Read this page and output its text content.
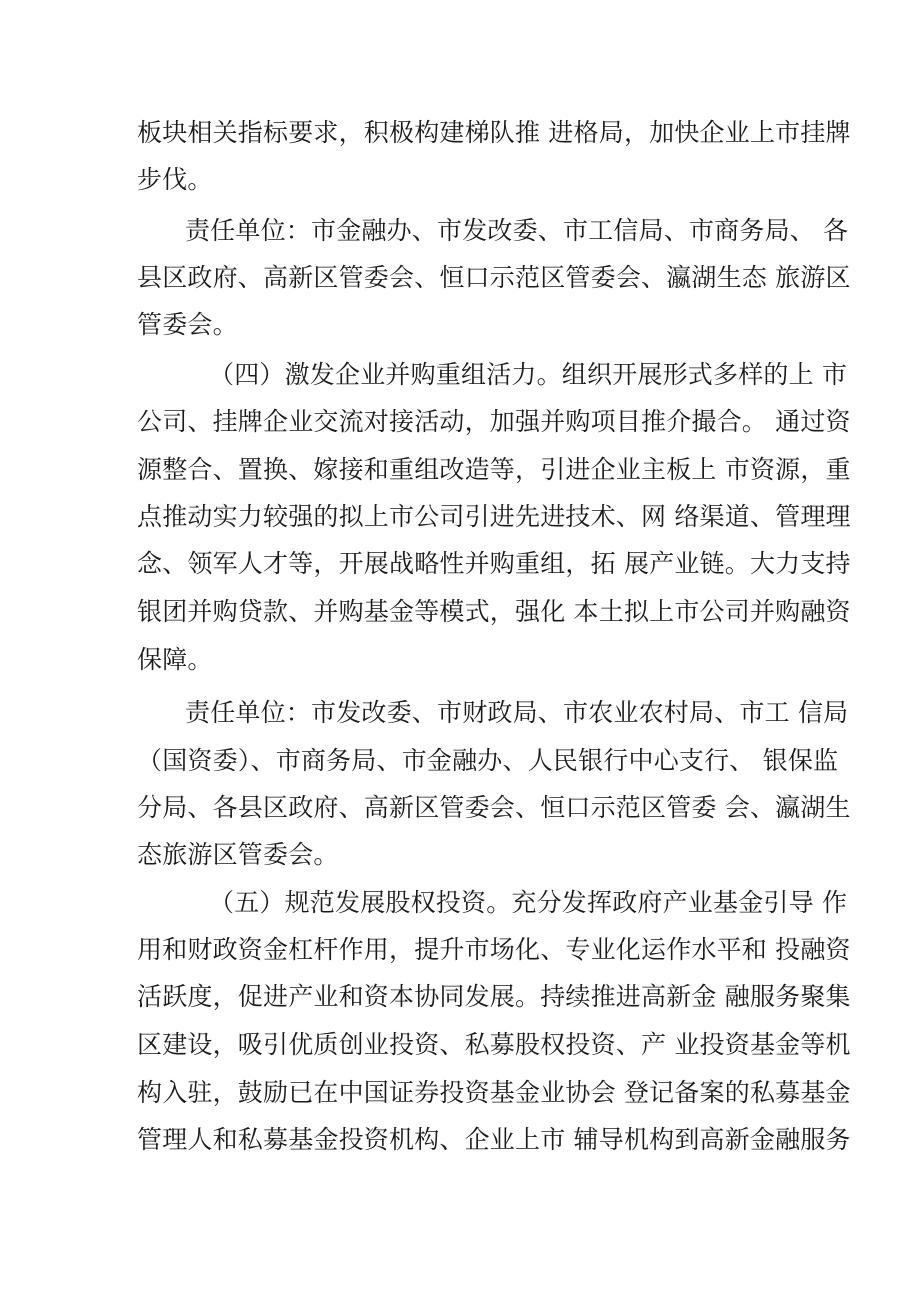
板块相关指标要求，积极构建梯队推 进格局，加快企业上市挂牌
步伐。
责任单位：市金融办、市发改委、市工信局、市商务局、 各
县区政府、高新区管委会、恒口示范区管委会、瀛湖生态 旅游区
管委会。
（四）激发企业并购重组活力。组织开展形式多样的上 市
公司、挂牌企业交流对接活动，加强并购项目推介撮合。 通过资
源整合、置换、嫁接和重组改造等，引进企业主板上 市资源，重
点推动实力较强的拟上市公司引进先进技术、网 络渠道、管理理
念、领军人才等，开展战略性并购重组，拓 展产业链。大力支持
银团并购贷款、并购基金等模式，强化 本土拟上市公司并购融资
保障。
责任单位：市发改委、市财政局、市农业农村局、市工 信局
（国资委）、市商务局、市金融办、人民银行中心支行、 银保监
分局、各县区政府、高新区管委会、恒口示范区管委 会、瀛湖生
态旅游区管委会。
（五）规范发展股权投资。充分发挥政府产业基金引导 作
用和财政资金杠杆作用，提升市场化、专业化运作水平和 投融资
活跃度，促进产业和资本协同发展。持续推进高新金 融服务聚集
区建设，吸引优质创业投资、私募股权投资、产 业投资基金等机
构入驻，鼓励已在中国证券投资基金业协会 登记备案的私募基金
管理人和私募基金投资机构、企业上市 辅导机构到高新金融服务
